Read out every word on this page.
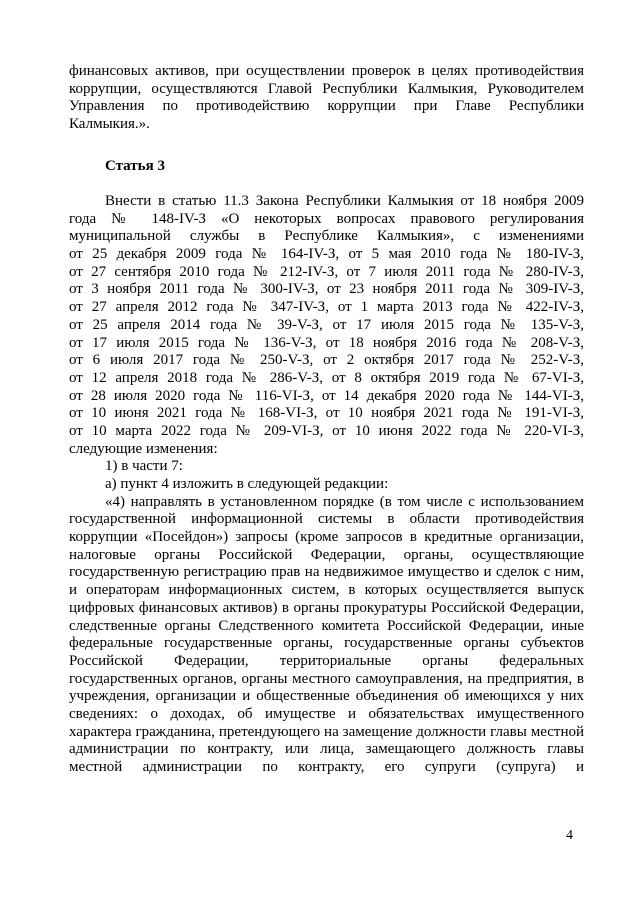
финансовых активов, при осуществлении проверок в целях противодействия
коррупции, осуществляются Главой Республики Калмыкия, Руководителем
Управления по противодействию коррупции при Главе Республики
Калмыкия.».
Статья 3
Внести в статью 11.3 Закона Республики Калмыкия от 18 ноября 2009
года № 148-IV-З «О некоторых вопросах правового регулирования
муниципальной службы в Республике Калмыкия», с изменениями
от 25 декабря 2009 года № 164-IV-З, от 5 мая 2010 года № 180-IV-З,
от 27 сентября 2010 года № 212-IV-З, от 7 июля 2011 года № 280-IV-З,
от 3 ноября 2011 года № 300-IV-З, от 23 ноября 2011 года № 309-IV-З,
от 27 апреля 2012 года № 347-IV-З, от 1 марта 2013 года № 422-IV-З,
от 25 апреля 2014 года № 39-V-З, от 17 июля 2015 года № 135-V-З,
от 17 июля 2015 года № 136-V-З, от 18 ноября 2016 года № 208-V-З,
от 6 июля 2017 года № 250-V-З, от 2 октября 2017 года № 252-V-З,
от 12 апреля 2018 года № 286-V-З, от 8 октября 2019 года № 67-VI-З,
от 28 июля 2020 года № 116-VI-З, от 14 декабря 2020 года № 144-VI-З,
от 10 июня 2021 года № 168-VI-З, от 10 ноября 2021 года № 191-VI-З,
от 10 марта 2022 года № 209-VI-З, от 10 июня 2022 года № 220-VI-З,
следующие изменения:
1) в части 7:
а) пункт 4 изложить в следующей редакции:
«4) направлять в установленном порядке (в том числе с использованием
государственной информационной системы в области противодействия
коррупции «Посейдон») запросы (кроме запросов в кредитные организации,
налоговые органы Российской Федерации, органы, осуществляющие
государственную регистрацию прав на недвижимое имущество и сделок с ним,
и операторам информационных систем, в которых осуществляется выпуск
цифровых финансовых активов) в органы прокуратуры Российской Федерации,
следственные органы Следственного комитета Российской Федерации, иные
федеральные государственные органы, государственные органы субъектов
Российской Федерации, территориальные органы федеральных
государственных органов, органы местного самоуправления, на предприятия, в
учреждения, организации и общественные объединения об имеющихся у них
сведениях: о доходах, об имуществе и обязательствах имущественного
характера гражданина, претендующего на замещение должности главы местной
администрации по контракту, или лица, замещающего должность главы
местной администрации по контракту, его супруги (супруга) и
4
